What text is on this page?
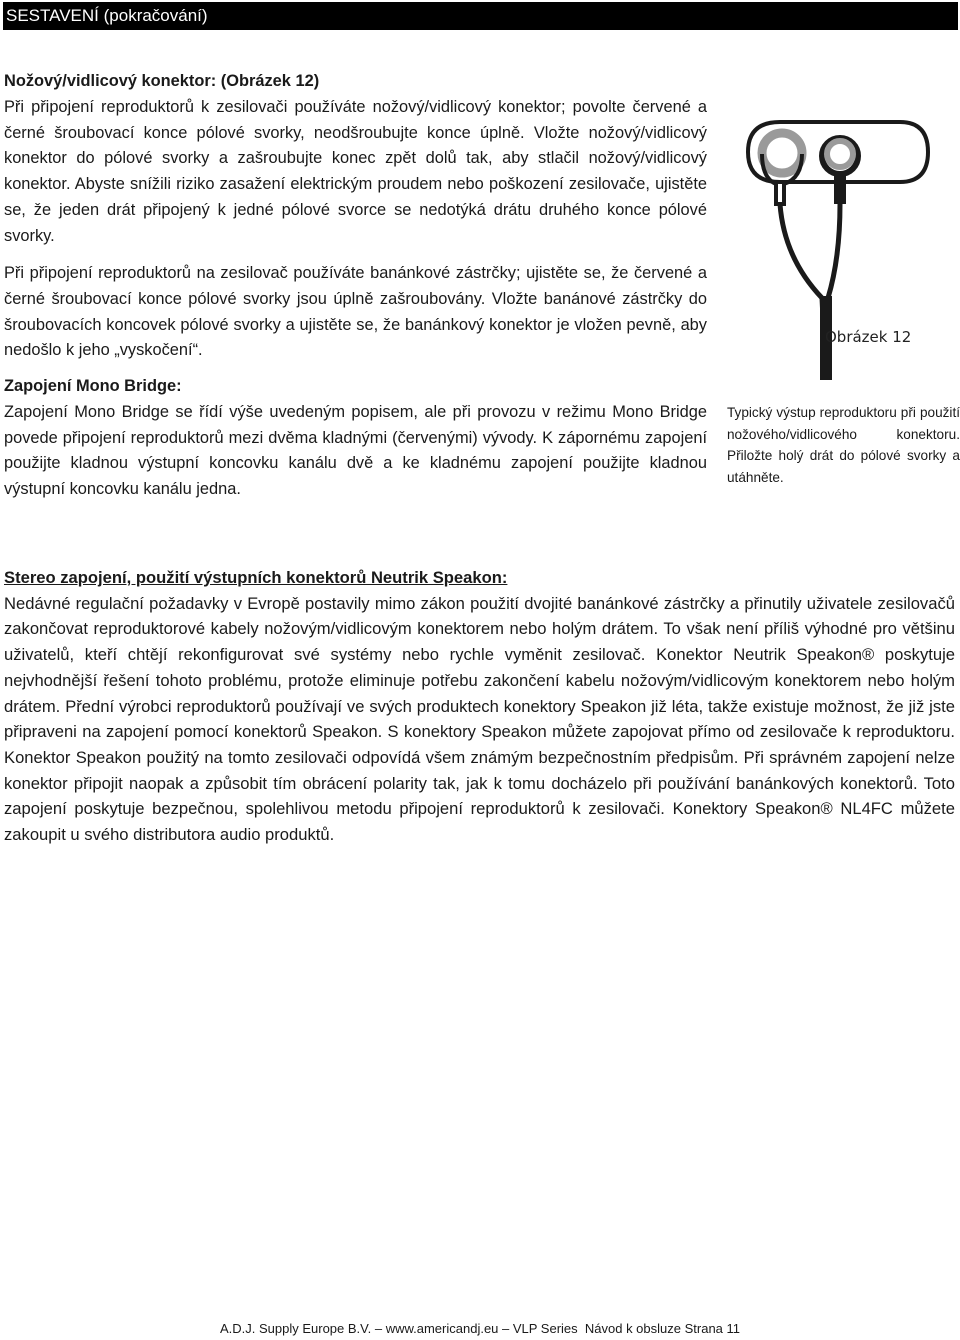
SESTAVENÍ (pokračování)
Nožový/vidlicový konektor: (Obrázek 12)

Při připojení reproduktorů k zesilovači používáte nožový/vidlicový konektor; povolte červené a černé šroubovací konce pólové svorky, neodšroubujte konce úplně. Vložte nožový/vidlicový konektor do pólové svorky a zašroubujte konec zpět dolů tak, aby stlačil nožový/vidlicový konektor. Abyste snížili riziko zasažení elektrickým proudem nebo poškození zesilovače, ujistěte se, že jeden drát připojený k jedné pólové svorce se nedotýká drátu druhého konce pólové svorky.

Při připojení reproduktorů na zesilovač používáte banánkové zástrčky; ujistěte se, že červené a černé šroubovací konce pólové svorky jsou úplně zašroubovány. Vložte banánové zástrčky do šroubovacích koncovek pólové svorky a ujistěte se, že banánkový konektor je vložen pevně, aby nedošlo k jeho „vyskočení“.

Zapojení Mono Bridge:

Zapojení Mono Bridge se řídí výše uvedeným popisem, ale při provozu v režimu Mono Bridge povede připojení reproduktorů mezi dvěma kladnými (červenými) vývody. K zápornému zapojení použijte kladnou výstupní koncovku kanálu dvě a ke kladnému zapojení použijte kladnou výstupní koncovku kanálu jedna.

Obrázek 12
Typický výstup reproduktoru při použití nožového/vidlicového konektoru. Přiložte holý drát do pólové svorky a utáhněte.
Stereo zapojení, použití výstupních konektorů Neutrik Speakon:

Nedávné regulační požadavky v Evropě postavily mimo zákon použití dvojité banánkové zástrčky a přinutily uživatele zesilovačů zakončovat reproduktorové kabely nožovým/vidlicovým konektorem nebo holým drátem. To však není příliš výhodné pro většinu uživatelů, kteří chtějí rekonfigurovat své systémy nebo rychle vyměnit zesilovač. Konektor Neutrik Speakon® poskytuje nejvhodnější řešení tohoto problému, protože eliminuje potřebu zakončení kabelu nožovým/vidlicovým konektorem nebo holým drátem. Přední výrobci reproduktorů používají ve svých produktech konektory Speakon již léta, takže existuje možnost, že již jste připraveni na zapojení pomocí konektorů Speakon. S konektory Speakon můžete zapojovat přímo od zesilovače k reproduktoru. Konektor Speakon použitý na tomto zesilovači odpovídá všem známým bezpečnostním předpisům. Při správném zapojení nelze konektor připojit naopak a způsobit tím obrácení polarity tak, jak k tomu docházelo při používání banánkových konektorů. Toto zapojení poskytuje bezpečnou, spolehlivou metodu připojení reproduktorů k zesilovači. Konektory Speakon® NL4FC můžete zakoupit u svého distributora audio produktů.

A.D.J. Supply Europe B.V. – www.americandj.eu – VLP Series  Návod k obsluze Strana 11
